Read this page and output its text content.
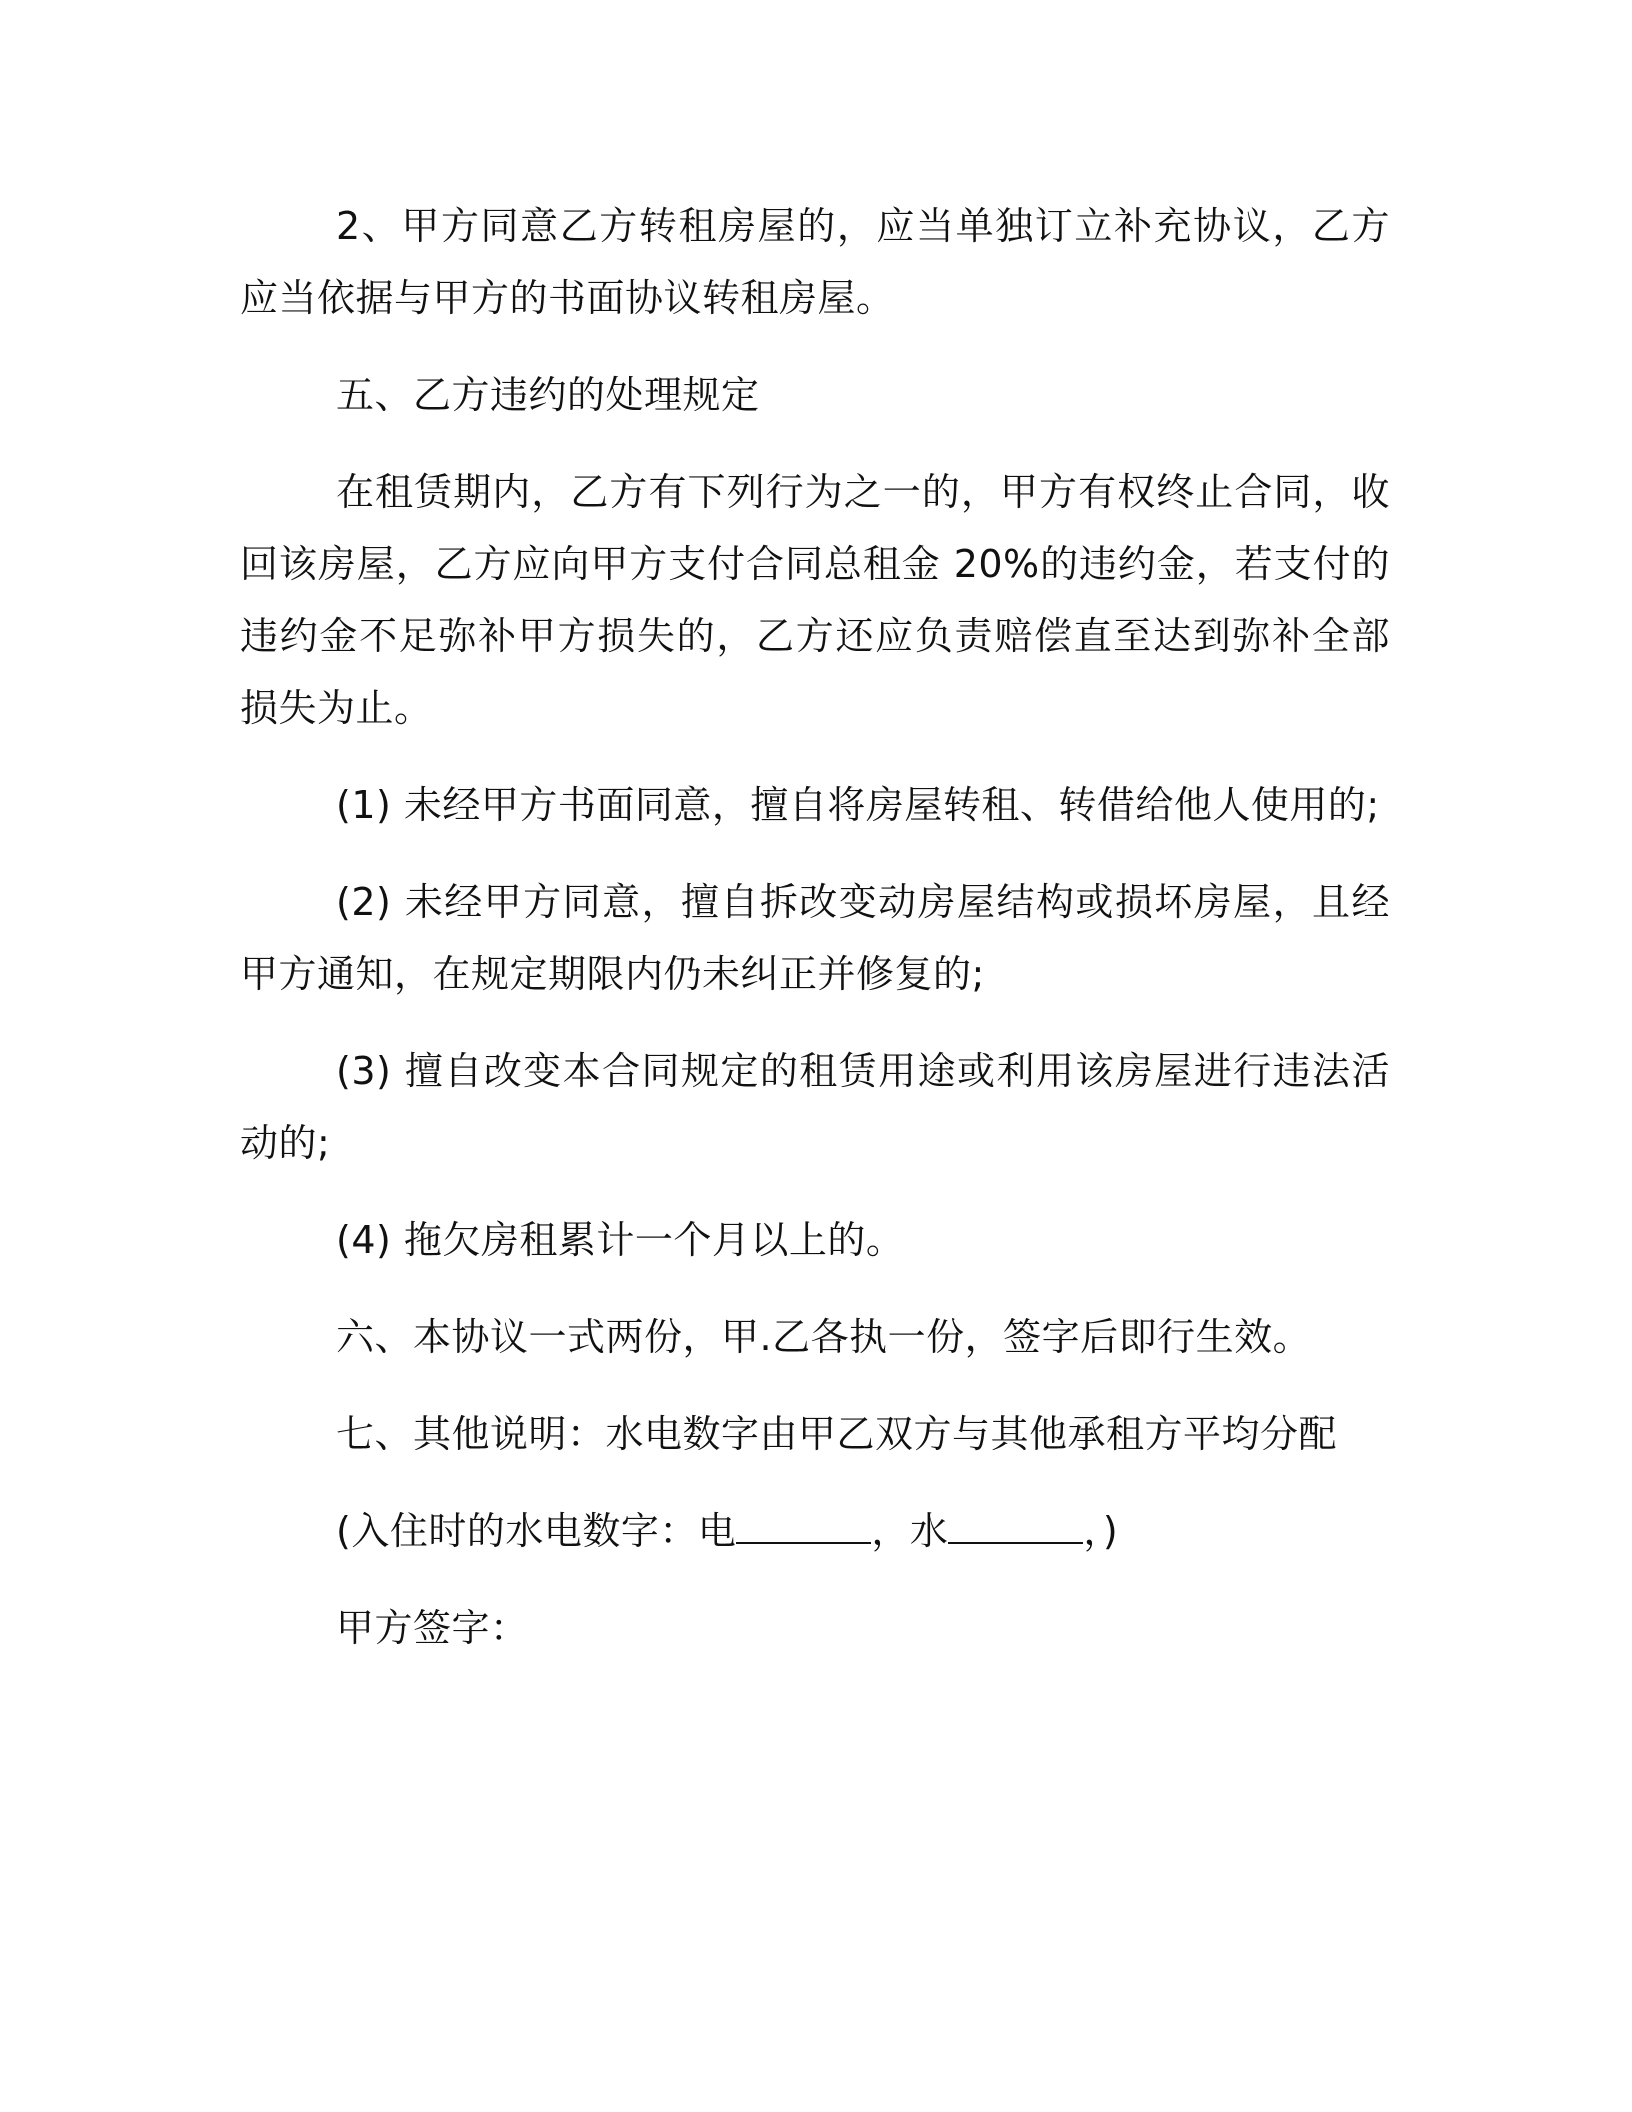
2、甲方同意乙方转租房屋的，应当单独订立补充协议，乙方应当依据与甲方的书面协议转租房屋。

五、乙方违约的处理规定

在租赁期内，乙方有下列行为之一的，甲方有权终止合同，收回该房屋，乙方应向甲方支付合同总租金 20%的违约金，若支付的违约金不足弥补甲方损失的，乙方还应负责赔偿直至达到弥补全部损失为止。

(1) 未经甲方书面同意，擅自将房屋转租、转借给他人使用的;

(2) 未经甲方同意，擅自拆改变动房屋结构或损坏房屋，且经甲方通知，在规定期限内仍未纠正并修复的;

(3) 擅自改变本合同规定的租赁用途或利用该房屋进行违法活动的;

(4) 拖欠房租累计一个月以上的。

六、本协议一式两份，甲.乙各执一份，签字后即行生效。

七、其他说明：水电数字由甲乙双方与其他承租方平均分配

(入住时的水电数字：电	，水	，)

甲方签字：
